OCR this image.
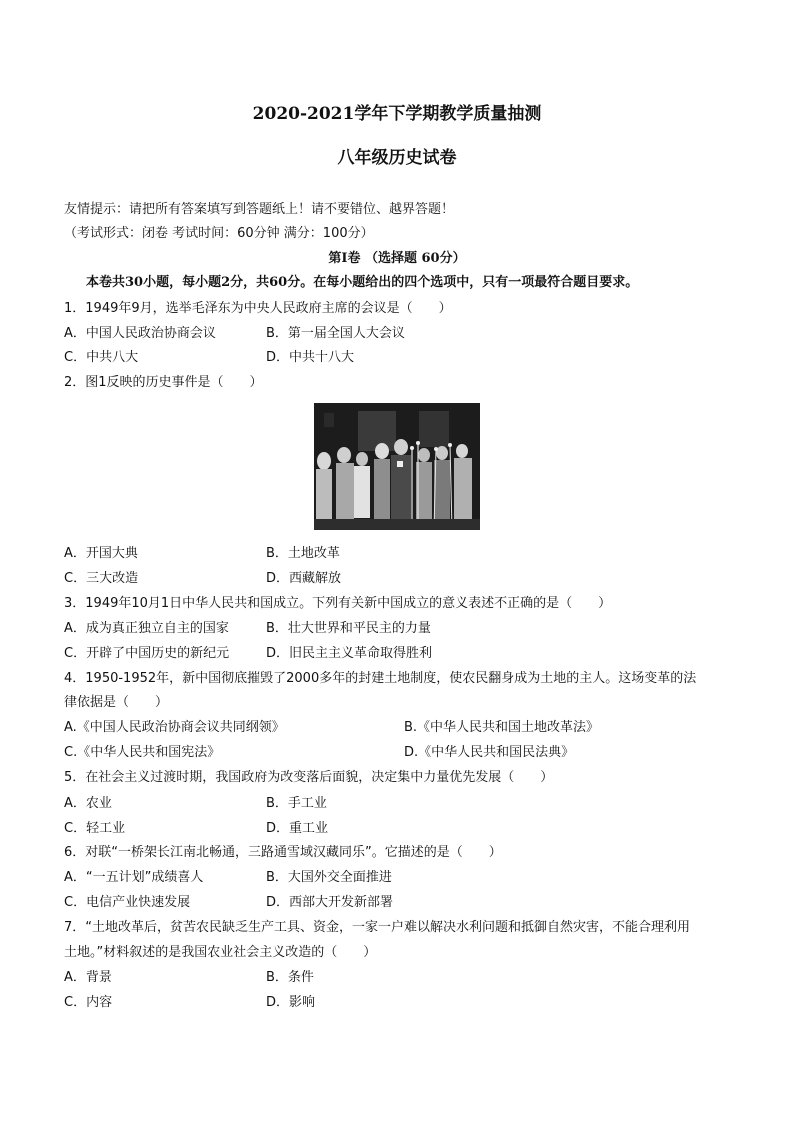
2020-2021学年下学期教学质量抽测
八年级历史试卷
友情提示：请把所有答案填写到答题纸上！请不要错位、越界答题！
（考试形式：闭卷 考试时间：60分钟 满分：100分）
第Ⅰ卷 （选择题 60分）
本卷共30小题，每小题2分，共60分。在每小题给出的四个选项中，只有一项最符合题目要求。
1．1949年9月，选举毛泽东为中央人民政府主席的会议是（　　）
A．中国人民政治协商会议	B．第一届全国人大会议
C．中共八大	D．中共十八大
2．图1反映的历史事件是（　　）
A．开国大典	B．土地改革
C．三大改造	D．西藏解放
3．1949年10月1日中华人民共和国成立。下列有关新中国成立的意义表述不正确的是（　　）
A．成为真正独立自主的国家	B．壮大世界和平民主的力量
C．开辟了中国历史的新纪元	D．旧民主主义革命取得胜利
4．1950-1952年，新中国彻底摧毁了2000多年的封建土地制度，使农民翻身成为土地的主人。这场变革的法
律依据是（　　）
A.《中国人民政治协商会议共同纲领》	B.《中华人民共和国土地改革法》
C.《中华人民共和国宪法》	D.《中华人民共和国民法典》
5．在社会主义过渡时期，我国政府为改变落后面貌，决定集中力量优先发展（　　）
A．农业	B．手工业
C．轻工业	D．重工业
6．对联“一桥架长江南北畅通，三路通雪域汉藏同乐”。它描述的是（　　）
A．“一五计划”成绩喜人	B．大国外交全面推进
C．电信产业快速发展	D．西部大开发新部署
7．“土地改革后，贫苦农民缺乏生产工具、资金，一家一户难以解决水利问题和抵御自然灾害，不能合理利用
土地。”材料叙述的是我国农业社会主义改造的（　　）
A．背景	B．条件
C．内容	D．影响
